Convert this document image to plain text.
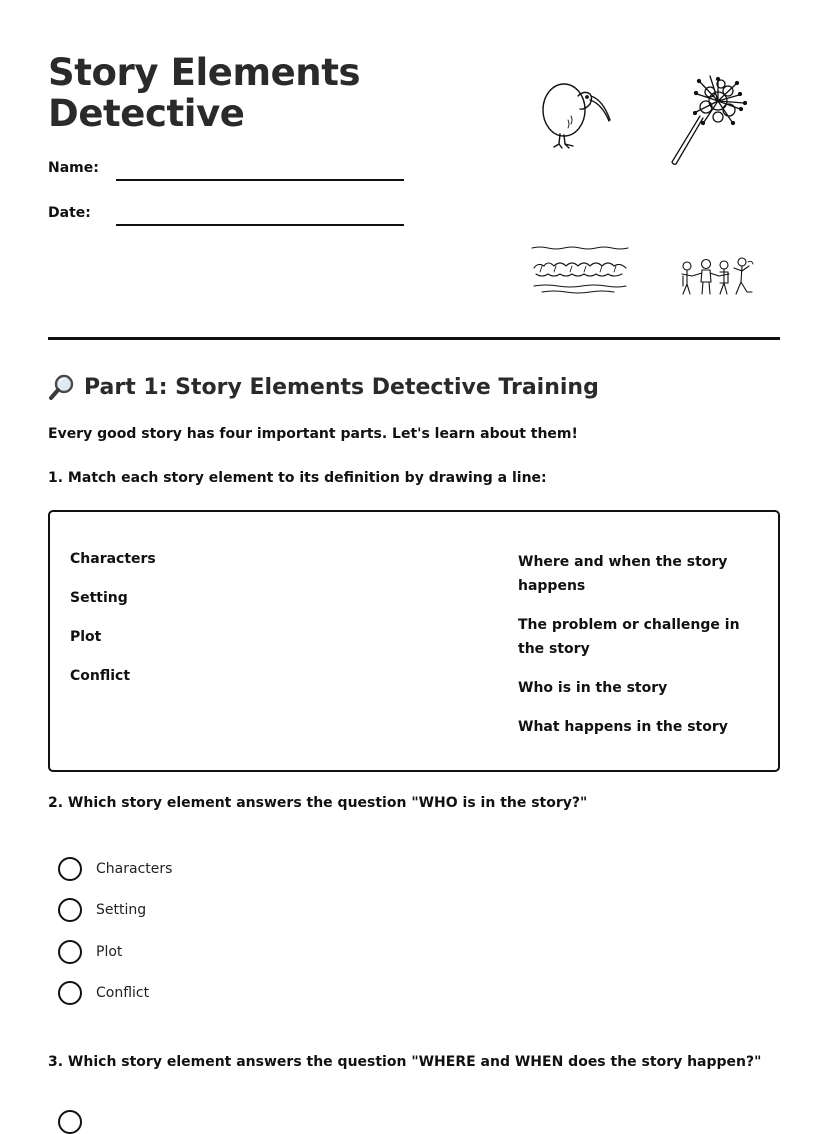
Story Elements
Detective
Name:
Date:
Part 1: Story Elements Detective Training
Every good story has four important parts. Let's learn about them!
1. Match each story element to its definition by drawing a line:
Characters
Setting
Plot
Conflict
Where and when the story happens
The problem or challenge in the story
Who is in the story
What happens in the story
2. Which story element answers the question "WHO is in the story?"
Characters
Setting
Plot
Conflict
3. Which story element answers the question "WHERE and WHEN does the story happen?"
